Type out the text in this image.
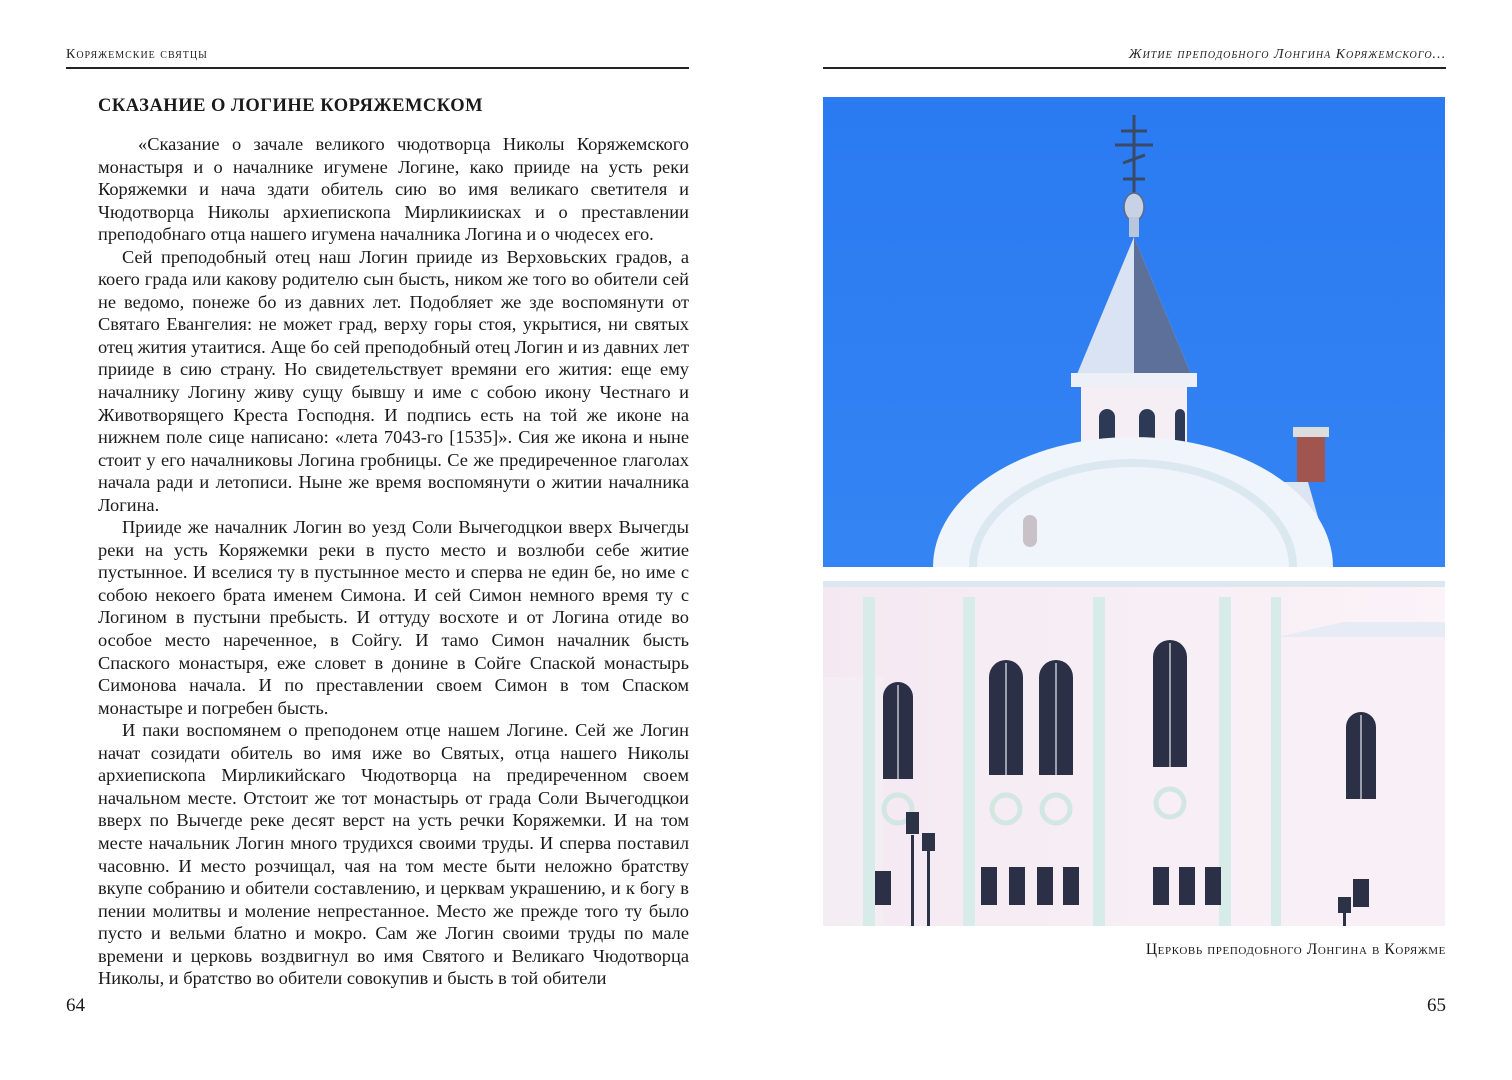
Коряжемские святцы
СКАЗАНИЕ О ЛОГИНЕ КОРЯЖЕМСКОМ

«Сказание о зачале великого чюдотворца Николы Коряжемского монастыря и о началнике игумене Логине, како прииде на усть реки Коряжемки и нача здати обитель сию во имя великаго светителя и Чюдотворца Николы архиепископа Мирликиисках и о преставлении преподобнаго отца нашего игумена началника Логина и о чюдесех его.

Сей преподобный отец наш Логин прииде из Верховьских градов, а коего града или какову родителю сын бысть, ником же того во обители сей не ведомо, понеже бо из давних лет. Подобляет же зде воспомянути от Святаго Евангелия: не может град, верху горы стоя, укрытися, ни святых отец жития утаитися. Аще бо сей преподобный отец Логин и из давних лет прииде в сию страну. Но свидетельствует времяни его жития: еще ему началнику Логину живу сущу бывшу и име с собою икону Честнаго и Животворящего Креста Господня. И подпись есть на той же иконе на нижнем поле сице написано: «лета 7043-го [1535]». Сия же икона и ныне стоит у его началниковы Логина гробницы. Се же предиреченное глаголах начала ради и летописи. Ныне же время воспомянути о житии началника Логина.

Прииде же началник Логин во уезд Соли Вычегодцкои вверх Вычегды реки на усть Коряжемки реки в пусто место и возлюби себе житие пустынное. И вселися ту в пустынное место и сперва не един бе, но име с собою некоего брата именем Симона. И сей Симон немного время ту с Логином в пустыни пребысть. И оттуду восхоте и от Логина отиде во особое место нареченное, в Сойгу. И тамо Симон началник бысть Спаского монастыря, еже словет в донине в Сойге Спаской монастырь Симонова начала. И по преставлении своем Симон в том Спаском монастыре и погребен бысть.

И паки воспомянем о преподонем отце нашем Логине. Сей же Логин начат созидати обитель во имя иже во Святых, отца нашего Николы архиепископа Мирликийскаго Чюдотворца на предиреченном своем начальном месте. Отстоит же тот монастырь от града Соли Вычегодцкои вверх по Вычегде реке десят верст на усть речки Коряжемки. И на том месте начальник Логин много трудихся своими труды. И сперва поставил часовню. И место розчищал, чая на том месте быти неложно братству вкупе собранию и обители составлению, и церквам украшению, и к богу в пении молитвы и моление непрестанное. Место же прежде того ту было пусто и вельми блатно и мокро. Сам же Логин своими труды по мале времени и церковь воздвигнул во имя Святого и Великаго Чюдотворца Николы, и братство во обители совокупив и бысть в той обители

64
Житие преподобного Лонгина Коряжемского…
Церковь преподобного Лонгина в Коряжме
65
